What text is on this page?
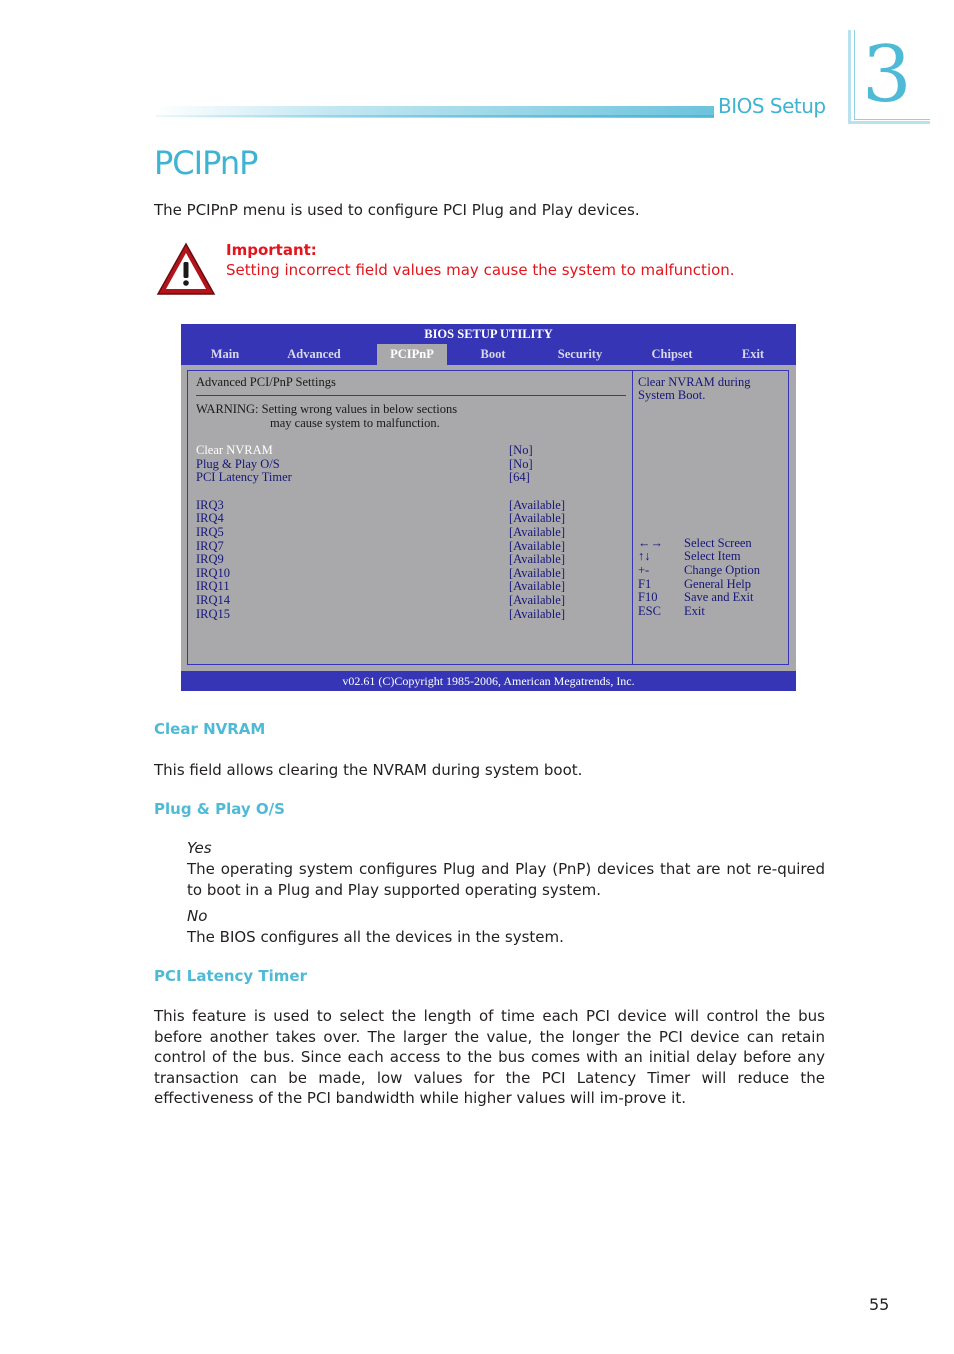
BIOS Setup 3
PCIPnP
The PCIPnP menu is used to configure PCI Plug and Play devices.
Important:
Setting incorrect field values may cause the system to malfunction.
BIOS SETUP UTILITY
Main	Advanced	PCIPnP	Boot	Security	Chipset	Exit
Advanced PCI/PnP Settings
WARNING: Setting wrong values in below sections
may cause system to malfunction.
Clear NVRAM	[No]
Plug & Play O/S	[No]
PCI Latency Timer	[64]
IRQ3	[Available]
IRQ4	[Available]
IRQ5	[Available]
IRQ7	[Available]
IRQ9	[Available]
IRQ10	[Available]
IRQ11	[Available]
IRQ14	[Available]
IRQ15	[Available]
Clear NVRAM during
System Boot.
←→ Select Screen
↑↓	Select Item
+-	Change Option
F1	General Help
F10 Save and Exit
ESC Exit
v02.61 (C)Copyright 1985-2006, American Megatrends, Inc.
Clear NVRAM
This field allows clearing the NVRAM during system boot.
Plug & Play O/S
Yes
The operating system configures Plug and Play (PnP) devices that are not re-quired to boot in a Plug and Play supported operating system.
No
The BIOS configures all the devices in the system.
PCI Latency Timer
This feature is used to select the length of time each PCI device will control the bus before another takes over. The larger the value, the longer the PCI device can retain control of the bus. Since each access to the bus comes with an initial delay before any transaction can be made, low values for the PCI Latency Timer will reduce the effectiveness of the PCI bandwidth while higher values will im-prove it.
55
